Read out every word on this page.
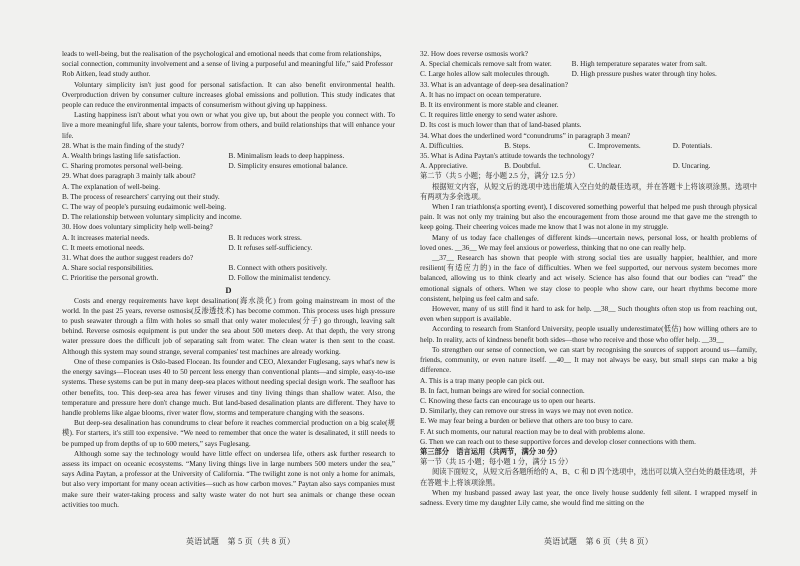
leads to well-being, but the realisation of the psychological and emotional needs that come from relationships, social connection, community involvement and a sense of living a purposeful and meaningful life,” said Professor Rob Aitken, lead study author.

Voluntary simplicity isn't just good for personal satisfaction. It can also benefit environmental health. Overproduction driven by consumer culture increases global emissions and pollution. This study indicates that people can reduce the environmental impacts of consumerism without giving up happiness.

Lasting happiness isn't about what you own or what you give up, but about the people you connect with. To live a more meaningful life, share your talents, borrow from others, and build relationships that will enhance your life.

28. What is the main finding of the study?

A. Wealth brings lasting life satisfaction.	B. Minimalism leads to deep happiness.
C. Sharing promotes personal well-being.	D. Simplicity ensures emotional balance.

29. What does paragraph 3 mainly talk about?

A. The explanation of well-being.

B. The process of researchers' carrying out their study.

C. The way of people's pursuing eudaimonic well-being.

D. The relationship between voluntary simplicity and income.

30. How does voluntary simplicity help well-being?

A. It increases material needs.	B. It reduces work stress.
C. It meets emotional needs.	D. It refuses self-sufficiency.

31. What does the author suggest readers do?

A. Share social responsibilities.	B. Connect with others positively.
C. Prioritise the personal growth.	D. Follow the minimalist tendency.

D

Costs and energy requirements have kept desalination(海水淡化) from going mainstream in most of the world. In the past 25 years, reverse osmosis(反渗透技术) has become common. This process uses high pressure to push seawater through a film with holes so small that only water molecules(分子) go through, leaving salt behind. Reverse osmosis equipment is put under the sea about 500 meters deep. At that depth, the very strong water pressure does the difficult job of separating salt from water. The clean water is then sent to the coast. Although this system may sound strange, several companies' test machines are already working.

One of these companies is Oslo-based Flocean. Its founder and CEO, Alexander Fuglesang, says what's new is the energy savings—Flocean uses 40 to 50 percent less energy than conventional plants—and simple, easy-to-use systems. These systems can be put in many deep-sea places without needing special design work. The seafloor has other benefits, too. This deep-sea area has fewer viruses and tiny living things than shallow water. Also, the temperature and pressure here don't change much. But land-based desalination plants are different. They have to handle problems like algae blooms, river water flow, storms and temperature changing with the seasons.

But deep-sea desalination has conundrums to clear before it reaches commercial production on a big scale(规模). For starters, it's still too expensive. “We need to remember that once the water is desalinated, it still needs to be pumped up from depths of up to 600 meters,” says Fuglesang.

Although some say the technology would have little effect on undersea life, others ask further research to assess its impact on oceanic ecosystems. “Many living things live in large numbers 500 meters under the sea,” says Adina Paytan, a professor at the University of California. “The twilight zone is not only a home for animals, but also very important for many ocean activities—such as how carbon moves.” Paytan also says companies must make sure their water-taking process and salty waste water do not hurt sea animals or change these ocean activities too much.

英语试题　第 5 页（共 8 页）

32. How does reverse osmosis work?

A. Special chemicals remove salt from water.	B. High temperature separates water from salt.
C. Large holes allow salt molecules through.	D. High pressure pushes water through tiny holes.

33. What is an advantage of deep-sea desalination?

A. It has no impact on ocean temperature.

B. It its environment is more stable and cleaner.

C. It requires little energy to send water ashore.

D. Its cost is much lower than that of land-based plants.

34. What does the underlined word “conundrums” in paragraph 3 mean?

A. Difficulties.	B. Steps.	C. Improvements.	D. Potentials.

35. What is Adina Paytan's attitude towards the technology?

A. Appreciative.	B. Doubtful.	C. Unclear.	D. Uncaring.

第二节（共 5 小题；每小题 2.5 分，满分 12.5 分）

根据短文内容，从短文后的选项中选出能填入空白处的最佳选项，并在答题卡上将该项涂黑。选项中有两项为多余选项。

When I ran triathlons(a sporting event), I discovered something powerful that helped me push through physical pain. It was not only my training but also the encouragement from those around me that gave me the strength to keep going. Their cheering voices made me know that I was not alone in my struggle.

Many of us today face challenges of different kinds—uncertain news, personal loss, or health problems of loved ones. __36__ We may feel anxious or powerless, thinking that no one can really help.

__37__ Research has shown that people with strong social ties are usually happier, healthier, and more resilient(有适应力的) in the face of difficulties. When we feel supported, our nervous system becomes more balanced, allowing us to think clearly and act wisely. Science has also found that our bodies can “read” the emotional signals of others. When we stay close to people who show care, our heart rhythms become more consistent, helping us feel calm and safe.

However, many of us still find it hard to ask for help. __38__ Such thoughts often stop us from reaching out, even when support is available.

According to research from Stanford University, people usually underestimate(低估) how willing others are to help. In reality, acts of kindness benefit both sides—those who receive and those who offer help. __39__

To strengthen our sense of connection, we can start by recognising the sources of support around us—family, friends, community, or even nature itself. __40__ It may not always be easy, but small steps can make a big difference.

A. This is a trap many people can pick out.

B. In fact, human beings are wired for social connection.

C. Knowing these facts can encourage us to open our hearts.

D. Similarly, they can remove our stress in ways we may not even notice.

E. We may fear being a burden or believe that others are too busy to care.

F. At such moments, our natural reaction may be to deal with problems alone.

G. Then we can reach out to these supportive forces and develop closer connections with them.

第三部分　语言运用（共两节，满分 30 分）

第一节（共 15 小题；每小题 1 分，满分 15 分）

阅读下面短文，从短文后各题所给的 A、B、C 和 D 四个选项中，选出可以填入空白处的最佳选项，并在答题卡上将该项涂黑。

When my husband passed away last year, the once lively house suddenly fell silent. I wrapped myself in sadness. Every time my daughter Lily came, she would find me sitting on the

英语试题　第 6 页（共 8 页）
